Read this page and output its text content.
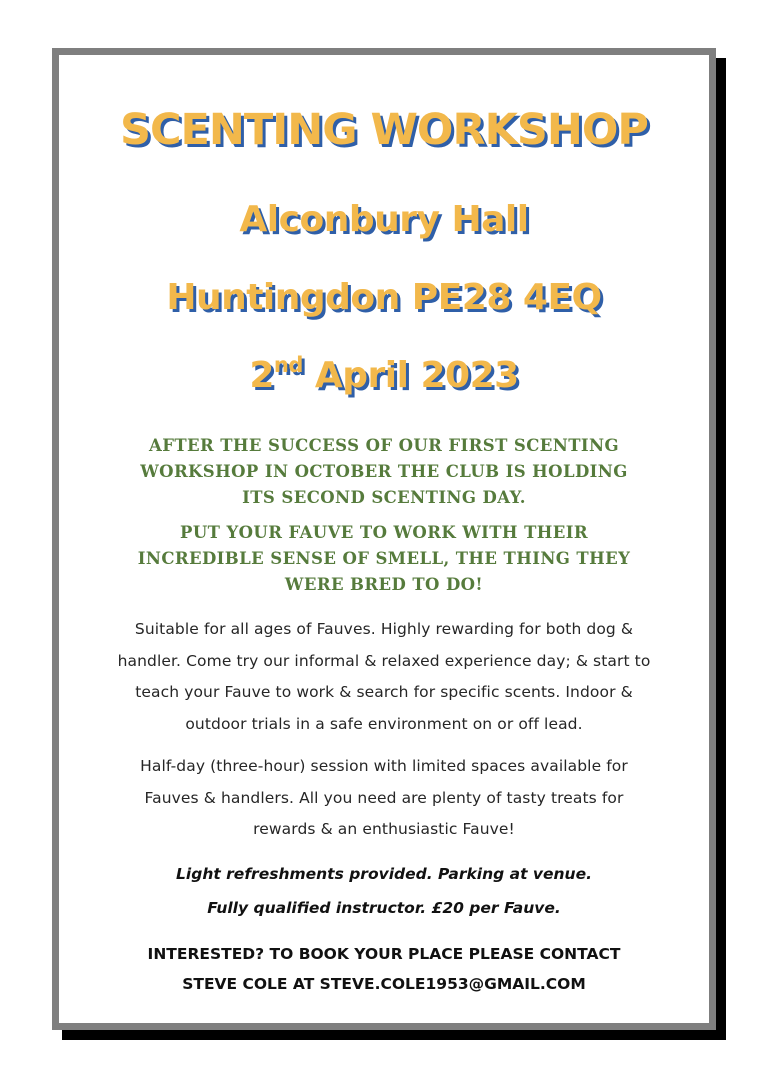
SCENTING WORKSHOP
Alconbury Hall
Huntingdon PE28 4EQ
2nd April 2023
AFTER THE SUCCESS OF OUR FIRST SCENTING
WORKSHOP IN OCTOBER THE CLUB IS HOLDING
ITS SECOND SCENTING DAY.
PUT YOUR FAUVE TO WORK WITH THEIR
INCREDIBLE SENSE OF SMELL, THE THING THEY
WERE BRED TO DO!
Suitable for all ages of Fauves. Highly rewarding for both dog &
handler. Come try our informal & relaxed experience day; & start to
teach your Fauve to work & search for specific scents. Indoor &
outdoor trials in a safe environment on or off lead.
Half-day (three-hour) session with limited spaces available for
Fauves & handlers. All you need are plenty of tasty treats for
rewards & an enthusiastic Fauve!
Light refreshments provided. Parking at venue.
Fully qualified instructor. £20 per Fauve.
INTERESTED? TO BOOK YOUR PLACE PLEASE CONTACT
STEVE COLE AT STEVE.COLE1953@GMAIL.COM
